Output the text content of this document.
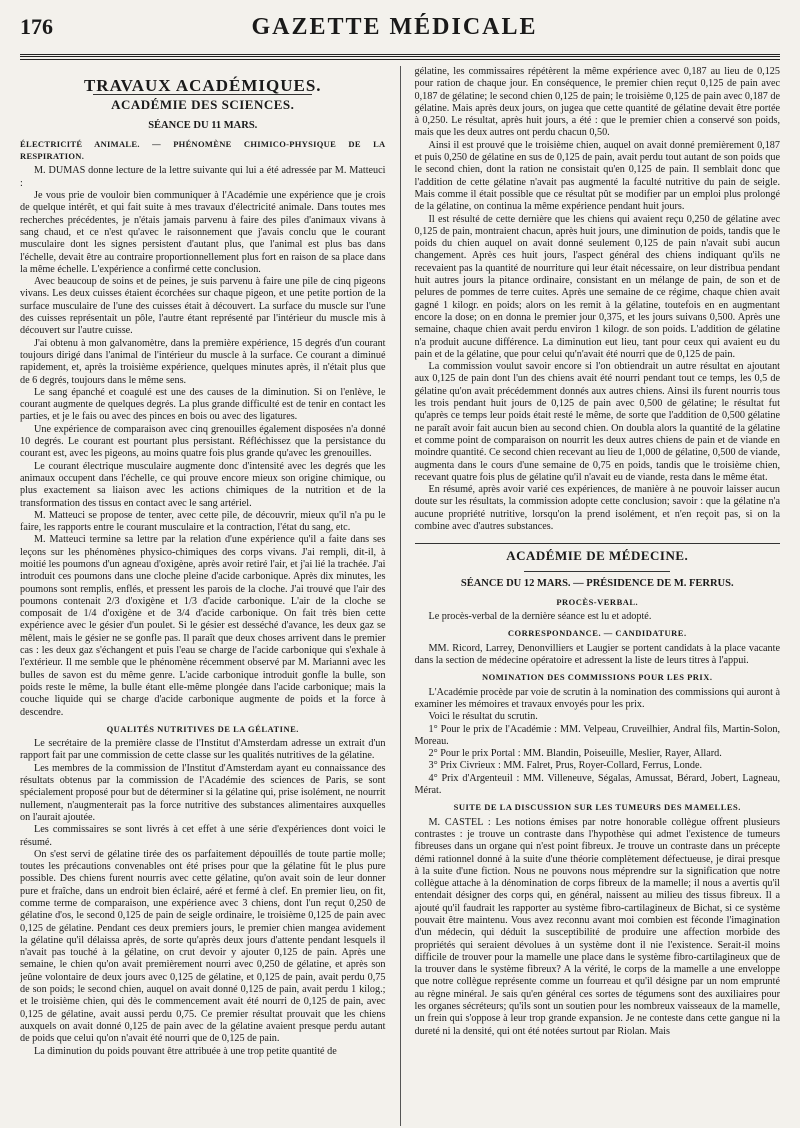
176	GAZETTE MÉDICALE
TRAVAUX ACADÉMIQUES.
ACADÉMIE DES SCIENCES.
SÉANCE DU 11 MARS.
ÉLECTRICITÉ ANIMALE. — PHÉNOMÈNE CHIMICO-PHYSIQUE DE LA RESPIRATION.

M. DUMAS donne lecture de la lettre suivante qui lui a été adressée par M. Matteuci :

Je vous prie de vouloir bien communiquer à l'Académie une expérience que je crois de quelque intérêt, et qui fait suite à mes travaux d'électricité animale. Dans toutes mes recherches précédentes, je n'étais jamais parvenu à faire des piles d'animaux vivans à sang chaud, et ce n'est qu'avec le raisonnement que j'avais conclu que le courant musculaire dont les signes persistent d'autant plus, que l'animal est plus bas dans l'échelle, devait être au contraire proportionnellement plus fort en raison de sa place dans la même échelle. L'expérience a confirmé cette conclusion.

Avec beaucoup de soins et de peines, je suis parvenu à faire une pile de cinq pigeons vivans. Les deux cuisses étaient écorchées sur chaque pigeon, et une petite portion de la surface musculaire de l'une des cuisses était à découvert. La surface du muscle sur l'une des cuisses représentait un pôle, l'autre étant représenté par l'intérieur du muscle mis à découvert sur l'autre cuisse.

J'ai obtenu à mon galvanomètre, dans la première expérience, 15 degrés d'un courant toujours dirigé dans l'animal de l'intérieur du muscle à la surface. Ce courant a diminué rapidement, et, après la troisième expérience, quelques minutes après, il n'était plus que de 6 degrés, toujours dans le même sens.

Le sang épanché et coagulé est une des causes de la diminution. Si on l'enlève, le courant augmente de quelques degrés. La plus grande difficulté est de tenir en contact les parties, et je le fais ou avec des pinces en bois ou avec des ligatures.

Une expérience de comparaison avec cinq grenouilles également disposées n'a donné 10 degrés. Le courant est pourtant plus persistant. Réfléchissez que la persistance du courant est, avec les pigeons, au moins quatre fois plus grande qu'avec les grenouilles.

Le courant électrique musculaire augmente donc d'intensité avec les degrés que les animaux occupent dans l'échelle, ce qui prouve encore mieux son origine chimique, ou plus exactement sa liaison avec les actions chimiques de la nutrition et de la transformation des tissus en contact avec le sang artériel.

M. Matteuci se propose de tenter, avec cette pile, de découvrir, mieux qu'il n'a pu le faire, les rapports entre le courant musculaire et la contraction, l'état du sang, etc.

M. Matteuci termine sa lettre par la relation d'une expérience qu'il a faite dans ses leçons sur les phénomènes physico-chimiques des corps vivans. J'ai rempli, dit-il, à moitié les poumons d'un agneau d'oxigène, après avoir retiré l'air, et j'ai lié la trachée. J'ai introduit ces poumons dans une cloche pleine d'acide carbonique. Après dix minutes, les poumons sont remplis, enflés, et pressent les parois de la cloche. J'ai trouvé que l'air des poumons contenait 2/3 d'oxigène et 1/3 d'acide carbonique. L'air de la cloche se composait de 1/4 d'oxigène et de 3/4 d'acide carbonique. On fait très bien cette expérience avec le gésier d'un poulet. Si le gésier est desséché d'avance, les deux gaz se mêlent, mais le gésier ne se gonfle pas. Il paraît que deux choses arrivent dans le premier cas : les deux gaz s'échangent et puis l'eau se charge de l'acide carbonique qui s'exhale à l'extérieur. Il me semble que le phénomène récemment observé par M. Marianni avec les bulles de savon est du même genre. L'acide carbonique introduit gonfle la bulle, son poids reste le même, la bulle étant elle-même plongée dans l'acide carbonique; mais la couche liquide qui se charge d'acide carbonique augmente de poids et la force à descendre.

QUALITÉS NUTRITIVES DE LA GÉLATINE.

Le secrétaire de la première classe de l'Institut d'Amsterdam adresse un extrait d'un rapport fait par une commission de cette classe sur les qualités nutritives de la gélatine.

Les membres de la commission de l'Institut d'Amsterdam ayant eu connaissance des résultats obtenus par la commission de l'Académie des sciences de Paris, se sont spécialement proposé pour but de déterminer si la gélatine qui, prise isolément, ne nourrit nullement, n'augmenterait pas la force nutritive des substances alimentaires auxquelles on l'aurait ajoutée.

Les commissaires se sont livrés à cet effet à une série d'expériences dont voici le résumé.

On s'est servi de gélatine tirée des os parfaitement dépouillés de toute partie molle; toutes les précautions convenables ont été prises pour que la gélatine fût le plus pure possible. Des chiens furent nourris avec cette gélatine, qu'on avait soin de leur donner pure et fraîche, dans un endroit bien éclairé, aéré et fermé à clef. En premier lieu, on fit, comme terme de comparaison, une expérience avec 3 chiens, dont l'un reçut 0,250 de gélatine d'os, le second 0,125 de pain de seigle ordinaire, le troisième 0,125 de pain avec 0,125 de gélatine. Pendant ces deux premiers jours, le premier chien mangea avidement la gélatine qu'il délaissa après, de sorte qu'après deux jours d'attente pendant lesquels il n'avait pas touché à la gélatine, on crut devoir y ajouter 0,125 de pain. Après une semaine, le chien qu'on avait premièrement nourri avec 0,250 de gélatine, et après son jeûne volontaire de deux jours avec 0,125 de gélatine, et 0,125 de pain, avait perdu 0,75 de son poids; le second chien, auquel on avait donné 0,125 de pain, avait perdu 1 kilog.; et le troisième chien, qui dès le commencement avait été nourri de 0,125 de pain, avec 0,125 de gélatine, avait aussi perdu 0,75. Ce premier résultat prouvait que les chiens auxquels on avait donné 0,125 de pain avec de la gélatine avaient presque perdu autant de poids que celui qu'on n'avait été nourri que de 0,125 de pain.

La diminution du poids pouvant être attribuée à une trop petite quantité de

gélatine, les commissaires répétèrent la même expérience avec 0,187 au lieu de 0,125 pour ration de chaque jour. En conséquence, le premier chien reçut 0,125 de pain avec 0,187 de gélatine; le second chien 0,125 de pain; le troisième 0,125 de pain avec 0,187 de gélatine. Mais après deux jours, on jugea que cette quantité de gélatine devait être portée à 0,250. Le résultat, après huit jours, a été : que le premier chien a conservé son poids, mais que les deux autres ont perdu chacun 0,50.

Ainsi il est prouvé que le troisième chien, auquel on avait donné premièrement 0,187 et puis 0,250 de gélatine en sus de 0,125 de pain, avait perdu tout autant de son poids que le second chien, dont la ration ne consistait qu'en 0,125 de pain. Il semblait donc que l'addition de cette gélatine n'avait pas augmenté la faculté nutritive du pain de seigle. Mais comme il était possible que ce résultat pût se modifier par un emploi plus prolongé de la gélatine, on continua la même expérience pendant huit jours.

Il est résulté de cette dernière que les chiens qui avaient reçu 0,250 de gélatine avec 0,125 de pain, montraient chacun, après huit jours, une diminution de poids, tandis que le poids du chien auquel on avait donné seulement 0,125 de pain n'avait subi aucun changement. Après ces huit jours, l'aspect général des chiens indiquant qu'ils ne recevaient pas la quantité de nourriture qui leur était nécessaire, on leur distribua pendant huit autres jours la pitance ordinaire, consistant en un mélange de pain, de son et de pelures de pommes de terre cuites. Après une semaine de ce régime, chaque chien avait gagné 1 kilogr. en poids; alors on les remit à la gélatine, toutefois en en augmentant encore la dose; on en donna le premier jour 0,375, et les jours suivans 0,500. Après une semaine, chaque chien avait perdu environ 1 kilogr. de son poids. L'addition de gélatine n'a produit aucune différence. La diminution eut lieu, tant pour ceux qui avaient eu du pain et de la gélatine, que pour celui qu'n'avait été nourri que de 0,125 de pain.

La commission voulut savoir encore si l'on obtiendrait un autre résultat en ajoutant aux 0,125 de pain dont l'un des chiens avait été nourri pendant tout ce temps, les 0,5 de gélatine qu'on avait précédemment donnés aux autres chiens. Ainsi ils furent nourris tous les trois pendant huit jours de 0,125 de pain avec 0,500 de gélatine; le résultat fut qu'après ce temps leur poids était resté le même, de sorte que l'addition de 0,500 gélatine ne paraît avoir fait aucun bien au second chien. On doubla alors la quantité de la gélatine et comme point de comparaison on nourrit les deux autres chiens de pain et de viande en moindre quantité. Ce second chien recevant au lieu de 1,000 de gélatine, 0,500 de viande, augmenta dans le cours d'une semaine de 0,75 en poids, tandis que le troisième chien, recevant quatre fois plus de gélatine qu'il n'avait eu de viande, resta dans le même état.

En résumé, après avoir varié ces expériences, de manière à ne pouvoir laisser aucun doute sur les résultats, la commission adopte cette conclusion; savoir : que la gélatine n'a aucune propriété nutritive, lorsqu'on la prend isolément, et n'en reçoit pas, si on la combine avec d'autres substances.

ACADÉMIE DE MÉDECINE.
SÉANCE DU 12 MARS. — PRÉSIDENCE DE M. FERRUS.
PROCÈS-VERBAL.

Le procès-verbal de la dernière séance est lu et adopté.

CORRESPONDANCE. — CANDIDATURE.

MM. Ricord, Larrey, Denonvilliers et Laugier se portent candidats à la place vacante dans la section de médecine opératoire et adressent la liste de leurs titres à l'appui.

NOMINATION DES COMMISSIONS POUR LES PRIX.

L'Académie procède par voie de scrutin à la nomination des commissions qui auront à examiner les mémoires et travaux envoyés pour les prix.

Voici le résultat du scrutin.

1° Pour le prix de l'Académie : MM. Velpeau, Cruveilhier, Andral fils, Martin-Solon, Moreau.

2° Pour le prix Portal : MM. Blandin, Poiseuille, Meslier, Rayer, Allard.

3° Prix Civrieux : MM. Falret, Prus, Royer-Collard, Ferrus, Londe.

4° Prix d'Argenteuil : MM. Villeneuve, Ségalas, Amussat, Bérard, Jobert, Lagneau, Mérat.

SUITE DE LA DISCUSSION SUR LES TUMEURS DES MAMELLES.

M. CASTEL : Les notions émises par notre honorable collègue offrent plusieurs contrastes : je trouve un contraste dans l'hypothèse qui admet l'existence de tumeurs fibreuses dans un organe qui n'est point fibreux. Je trouve un contraste dans un précepte démi rationnel donné à la suite d'une théorie complètement défectueuse, je dirai presque à la suite d'une fiction. Nous ne pouvons nous méprendre sur la signification que notre collègue attache à la dénomination de corps fibreux de la mamelle; il nous a avertis qu'il entendait désigner des corps qui, en général, naissent au milieu des tissus fibreux. Il a ajouté qu'il faudrait les rapporter au système fibro-cartilagineux de Bichat, si ce système pouvait être maintenu. Vous avez reconnu avant moi combien est féconde l'imagination d'un médecin, qui déduit la susceptibilité de produire une affection morbide des propriétés qui seraient dévolues à un système dont il nie l'existence. Serait-il moins difficile de trouver pour la mamelle une place dans le système fibro-cartilagineux que de la trouver dans le système fibreux? A la vérité, le corps de la mamelle a une enveloppe que notre collègue représente comme un fourreau et qu'il désigne par un nom emprunté au règne minéral. Je sais qu'en général ces sortes de tégumens sont des auxiliaires pour les organes sécréteurs; qu'ils sont un soutien pour les nombreux vaisseaux de la mamelle, un frein qui s'oppose à leur trop grande expansion. Je ne conteste dans cette gangue ni la dureté ni la densité, qui ont été notées surtout par Riolan. Mais
